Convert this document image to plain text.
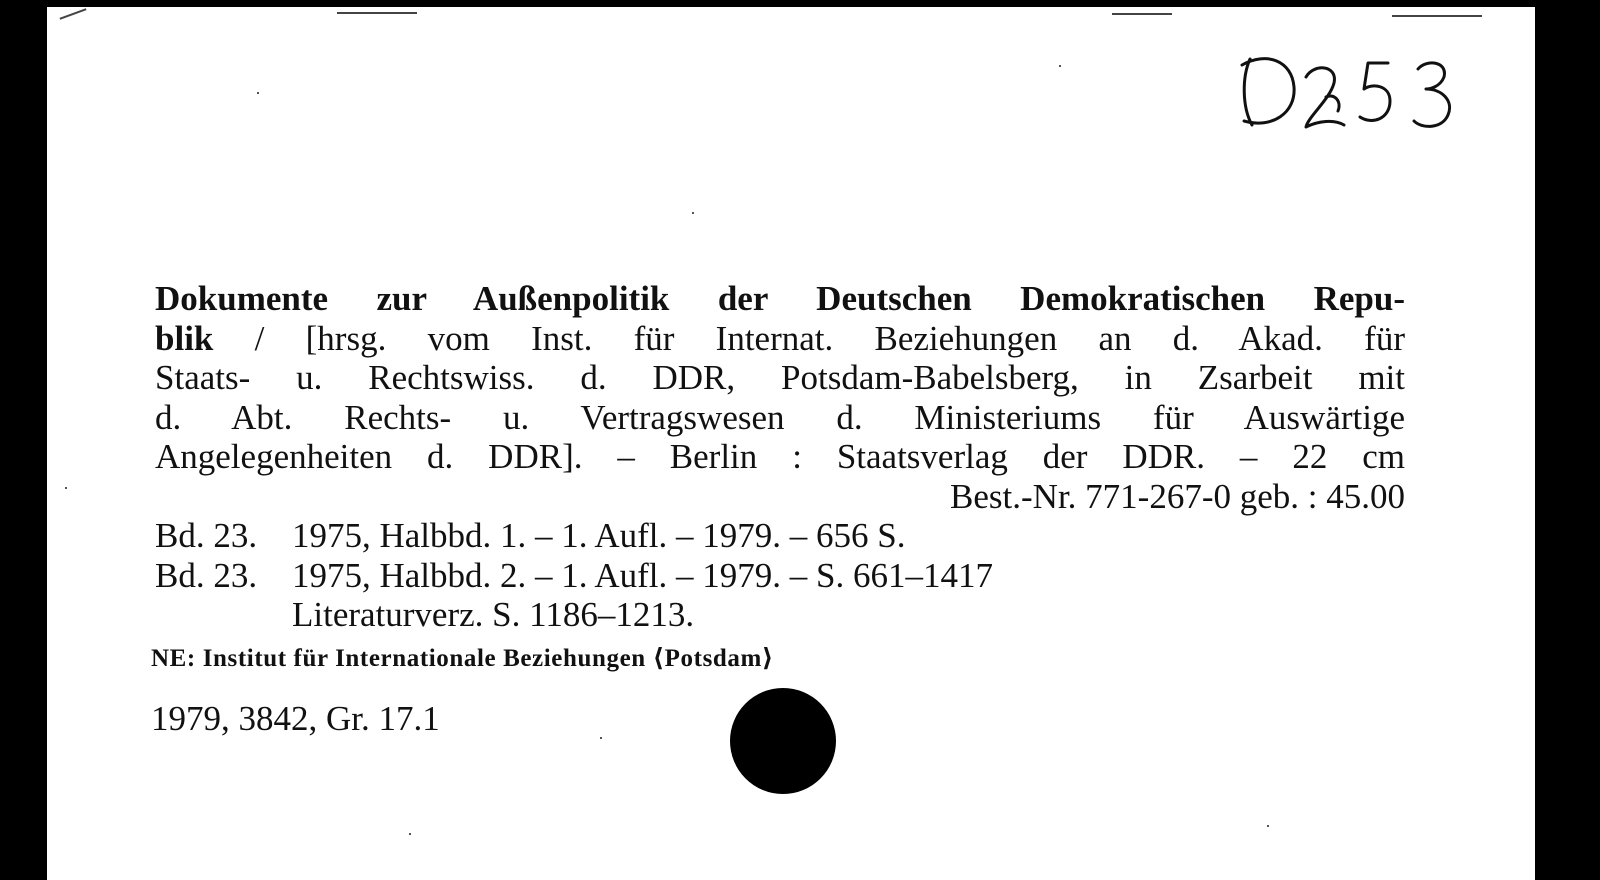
Dokumente zur Außenpolitik der Deutschen Demokratischen Repu-
blik / [hrsg. vom Inst. für Internat. Beziehungen an d. Akad. für
Staats- u. Rechtswiss. d. DDR, Potsdam-Babelsberg, in Zsarbeit mit
d. Abt. Rechts- u. Vertragswesen d. Ministeriums für Auswärtige
Angelegenheiten d. DDR]. – Berlin : Staatsverlag der DDR. – 22 cm
Best.-Nr. 771-267-0 geb. : 45.00
Bd. 23. 1975, Halbbd. 1. – 1. Aufl. – 1979. – 656 S.
Bd. 23. 1975, Halbbd. 2. – 1. Aufl. – 1979. – S. 661–1417
Literaturverz. S. 1186–1213.
NE: Institut für Internationale Beziehungen ⟨Potsdam⟩
1979, 3842, Gr. 17.1
